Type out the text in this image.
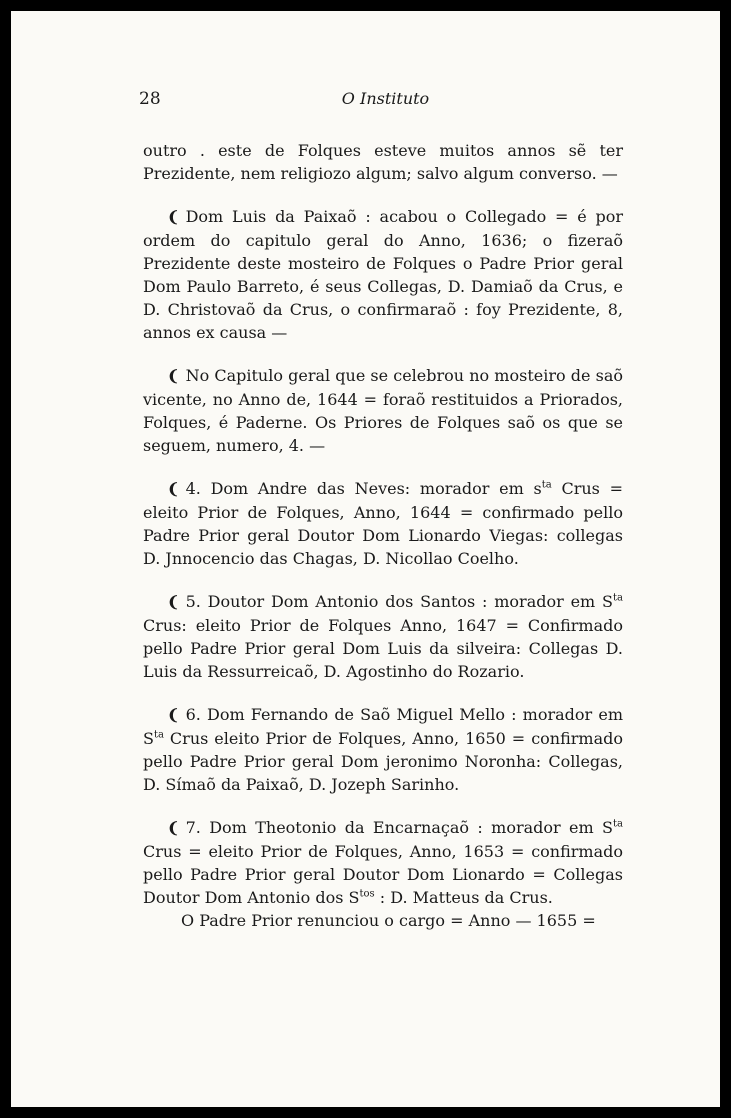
28	O Instituto

outro . este de Folques esteve muitos annos sẽ ter Prezidente, nem religiozo algum; salvo algum converso. —

❨ Dom Luis da Paixaõ : acabou o Collegado = é por ordem do capitulo geral do Anno, 1636; o fizeraõ Prezidente deste mosteiro de Folques o Padre Prior geral Dom Paulo Barreto, é seus Collegas, D. Damiaõ da Crus, e D. Christovaõ da Crus, o confirmaraõ : foy Prezidente, 8, annos ex causa —

❨ No Capitulo geral que se celebrou no mosteiro de saõ vicente, no Anno de, 1644 = foraõ restituidos a Priorados, Folques, é Paderne. Os Priores de Folques saõ os que se seguem, numero, 4. —

❨ 4. Dom Andre das Neves: morador em $s^{ta}$ Crus = eleito Prior de Folques, Anno, 1644 = confirmado pello Padre Prior geral Doutor Dom Lionardo Viegas: collegas D. Jnnocencio das Chagas, D. Nicollao Coelho.

❨ 5. Doutor Dom Antonio dos Santos : morador em $S^{ta}$ Crus: eleito Prior de Folques Anno, 1647 = Confirmado pello Padre Prior geral Dom Luis da silveira: Collegas D. Luis da Ressurreicaõ, D. Agostinho do Rozario.

❨ 6. Dom Fernando de Saõ Miguel Mello : morador em $S^{ta}$ Crus eleito Prior de Folques, Anno, 1650 = confirmado pello Padre Prior geral Dom jeronimo Noronha: Collegas, D. Símaõ da Paixaõ, D. Jozeph Sarinho.

❨ 7. Dom Theotonio da Encarnaçaõ : morador em $S^{ta}$ Crus = eleito Prior de Folques, Anno, 1653 = confirmado pello Padre Prior geral Doutor Dom Lionardo = Collegas Doutor Dom Antonio dos $S^{tos}$ : D. Matteus da Crus.

O Padre Prior renunciou o cargo = Anno — 1655 =
